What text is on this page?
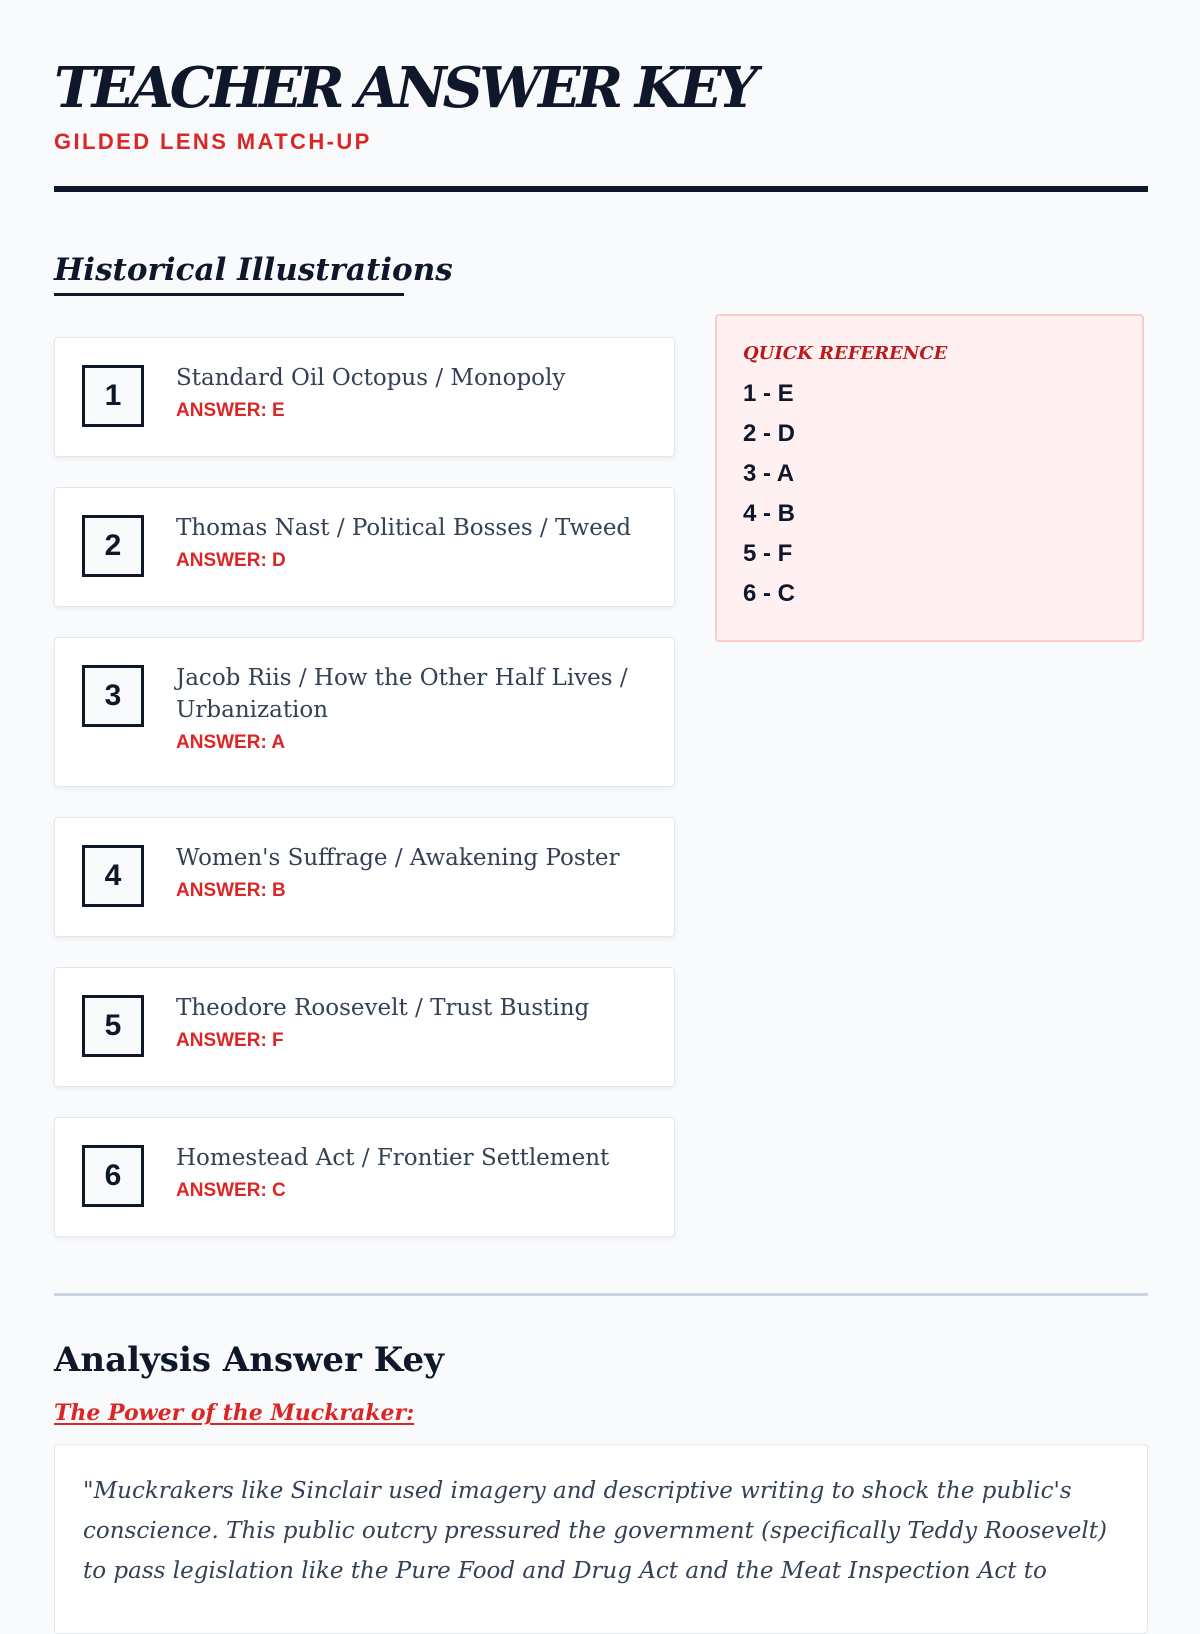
TEACHER ANSWER KEY
GILDED LENS MATCH-UP
Historical Illustrations
1

Standard Oil Octopus / Monopoly

ANSWER: E
2

Thomas Nast / Political Bosses / Tweed

ANSWER: D
3

Jacob Riis / How the Other Half Lives / Urbanization

ANSWER: A
4

Women's Suffrage / Awakening Poster

ANSWER: B
5

Theodore Roosevelt / Trust Busting

ANSWER: F
6

Homestead Act / Frontier Settlement

ANSWER: C
QUICK REFERENCE
1 - E
2 - D
3 - A
4 - B
5 - F
6 - C
Analysis Answer Key
The Power of the Muckraker:

"Muckrakers like Sinclair used imagery and descriptive writing to shock the public's conscience. This public outcry pressured the government (specifically Teddy Roosevelt) to pass legislation like the Pure Food and Drug Act and the Meat Inspection Act to
